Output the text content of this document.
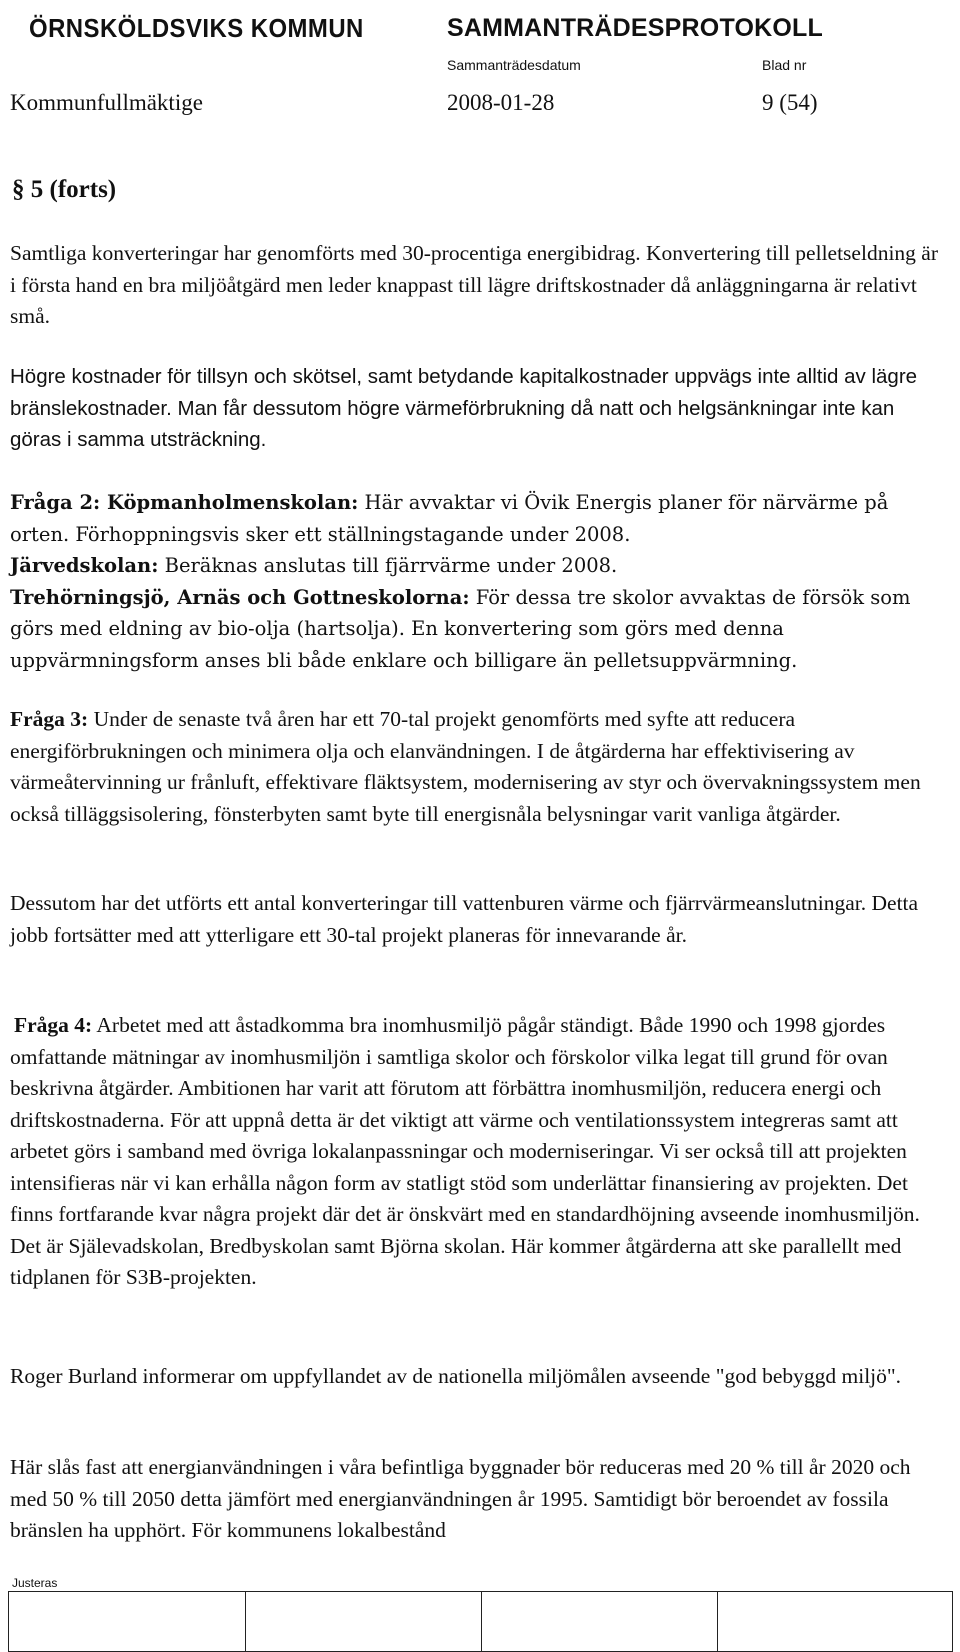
ÖRNSKÖLDSVIKS KOMMUN	SAMMANTRÄDESPROTOKOLL
Sammanträdesdatum	Blad nr
Kommunfullmäktige	2008-01-28	9 (54)
§ 5 (forts)
Samtliga konverteringar har genomförts med 30-procentiga energibidrag. Konvertering till pelletseldning är i första hand en bra miljöåtgärd men leder knappast till lägre driftskostnader då anläggningarna är relativt små.
Högre kostnader för tillsyn och skötsel, samt betydande kapitalkostnader uppvägs inte alltid av lägre bränslekostnader. Man får dessutom högre värmeförbrukning då natt och helgsänkningar inte kan göras i samma utsträckning.
Fråga 2: Köpmanholmenskolan: Här avvaktar vi Övik Energis planer för närvärme på orten. Förhoppningsvis sker ett ställningstagande under 2008.
Järvedskolan: Beräknas anslutas till fjärrvärme under 2008.
Trehörningsjö, Arnäs och Gottneskolorna: För dessa tre skolor avvaktas de försök som görs med eldning av bio-olja (hartsolja). En konvertering som görs med denna uppvärmningsform anses bli både enklare och billigare än pelletsuppvärmning.
Fråga 3: Under de senaste två åren har ett 70-tal projekt genomförts med syfte att reducera energiförbrukningen och minimera olja och elanvändningen. I de åtgärderna har effektivisering av värmeåtervinning ur frånluft, effektivare fläktsystem, modernisering av styr och övervakningssystem men också tilläggsisolering, fönsterbyten samt byte till energisnåla belysningar varit vanliga åtgärder.
Dessutom har det utförts ett antal konverteringar till vattenburen värme och fjärrvärmeanslutningar. Detta jobb fortsätter med att ytterligare ett 30-tal projekt planeras för innevarande år.
Fråga 4: Arbetet med att åstadkomma bra inomhusmiljö pågår ständigt. Både 1990 och 1998 gjordes omfattande mätningar av inomhusmiljön i samtliga skolor och förskolor vilka legat till grund för ovan beskrivna åtgärder. Ambitionen har varit att förutom att förbättra inomhusmiljön, reducera energi och driftskostnaderna. För att uppnå detta är det viktigt att värme och ventilationssystem integreras samt att arbetet görs i samband med övriga lokalanpassningar och moderniseringar. Vi ser också till att projekten intensifieras när vi kan erhålla någon form av statligt stöd som underlättar finansiering av projekten. Det finns fortfarande kvar några projekt där det är önskvärt med en standardhöjning avseende inomhusmiljön. Det är Själevadskolan, Bredbyskolan samt Björna skolan. Här kommer åtgärderna att ske parallellt med tidplanen för S3B-projekten.
Roger Burland informerar om uppfyllandet av de nationella miljömålen avseende "god bebyggd miljö".
Här slås fast att energianvändningen i våra befintliga byggnader bör reduceras med 20 % till år 2020 och med 50 % till 2050 detta jämfört med energianvändningen år 1995. Samtidigt bör beroendet av fossila bränslen ha upphört. För kommunens lokalbestånd
Justeras
